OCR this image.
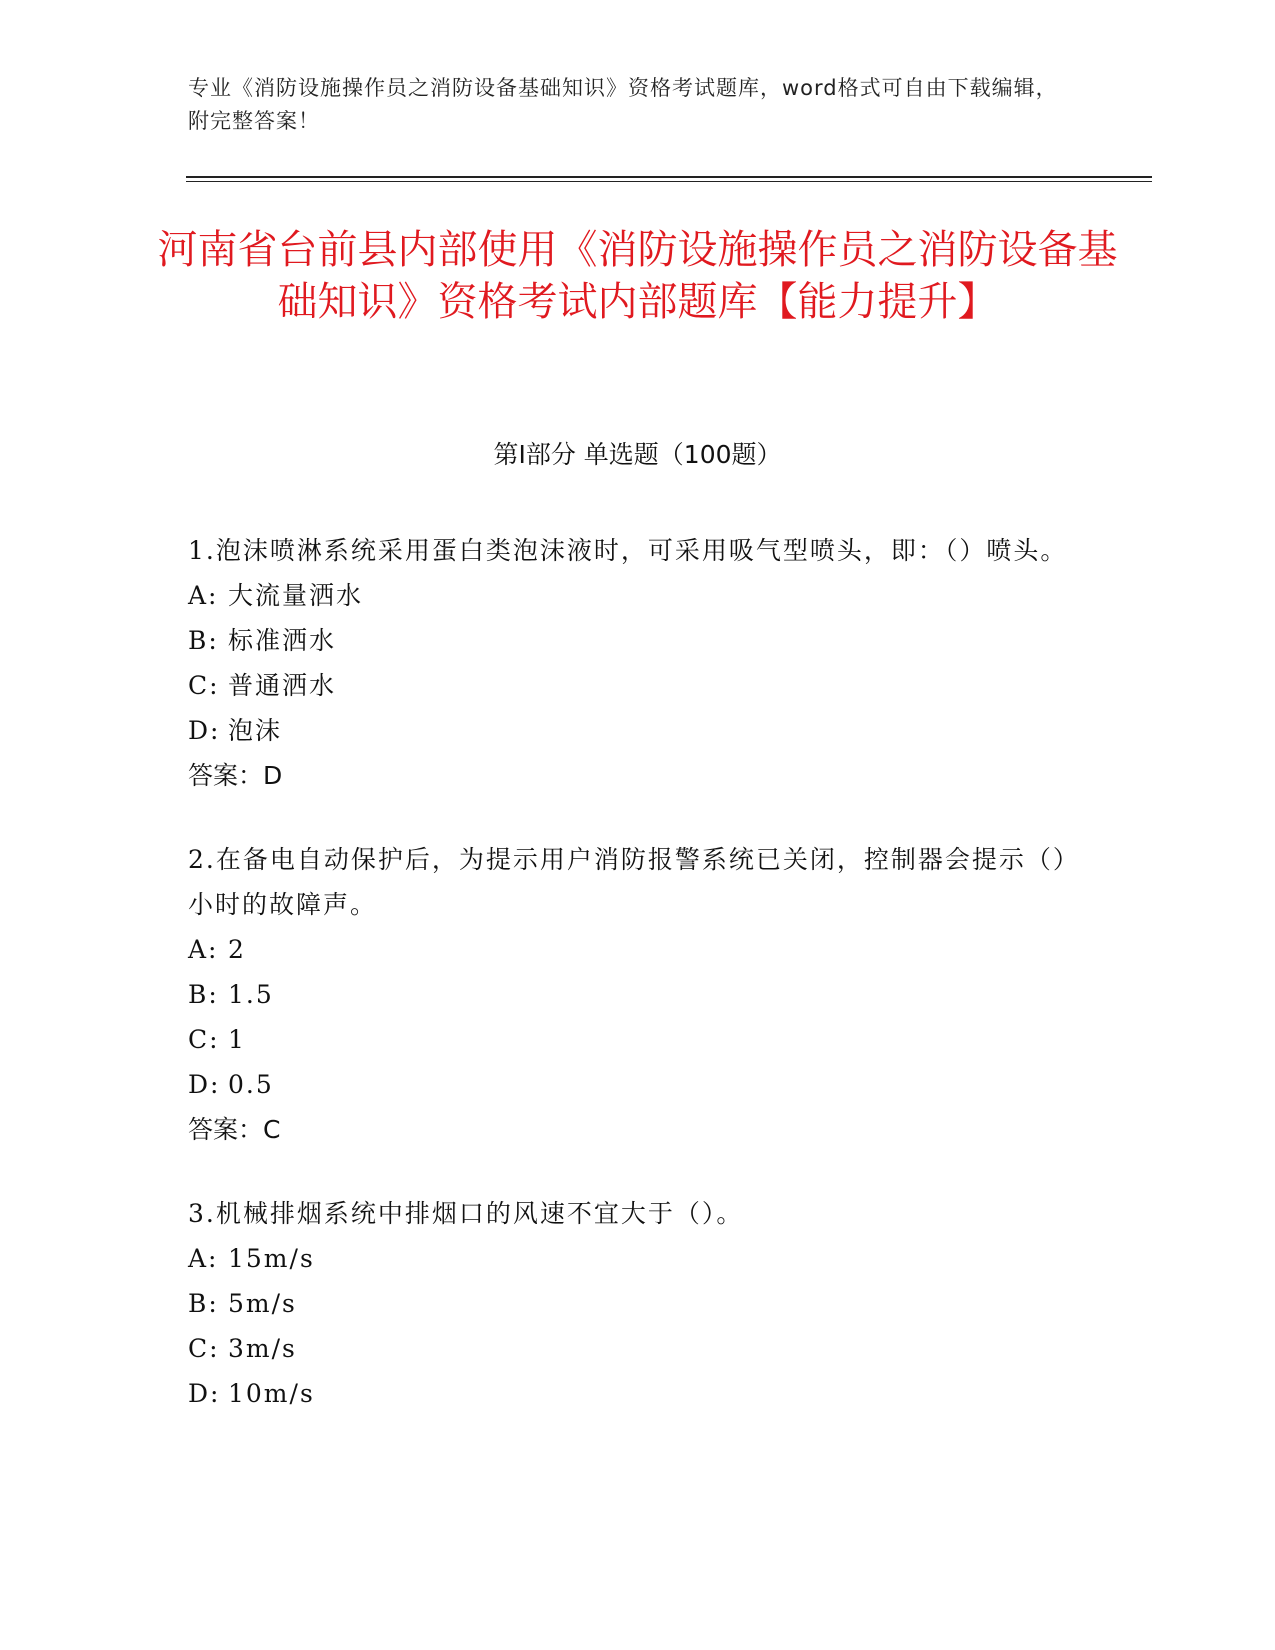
专业《消防设施操作员之消防设备基础知识》资格考试题库，word格式可自由下载编辑，附完整答案！
河南省台前县内部使用《消防设施操作员之消防设备基础知识》资格考试内部题库【能力提升】
第Ⅰ部分 单选题（100题）
1.泡沫喷淋系统采用蛋白类泡沫液时，可采用吸气型喷头，即：（）喷头。
A: 大流量洒水
B: 标准洒水
C: 普通洒水
D: 泡沫
答案：D
2.在备电自动保护后，为提示用户消防报警系统已关闭，控制器会提示（）小时的故障声。
A: 2
B: 1.5
C: 1
D: 0.5
答案：C
3.机械排烟系统中排烟口的风速不宜大于（）。
A: 15m/s
B: 5m/s
C: 3m/s
D: 10m/s
